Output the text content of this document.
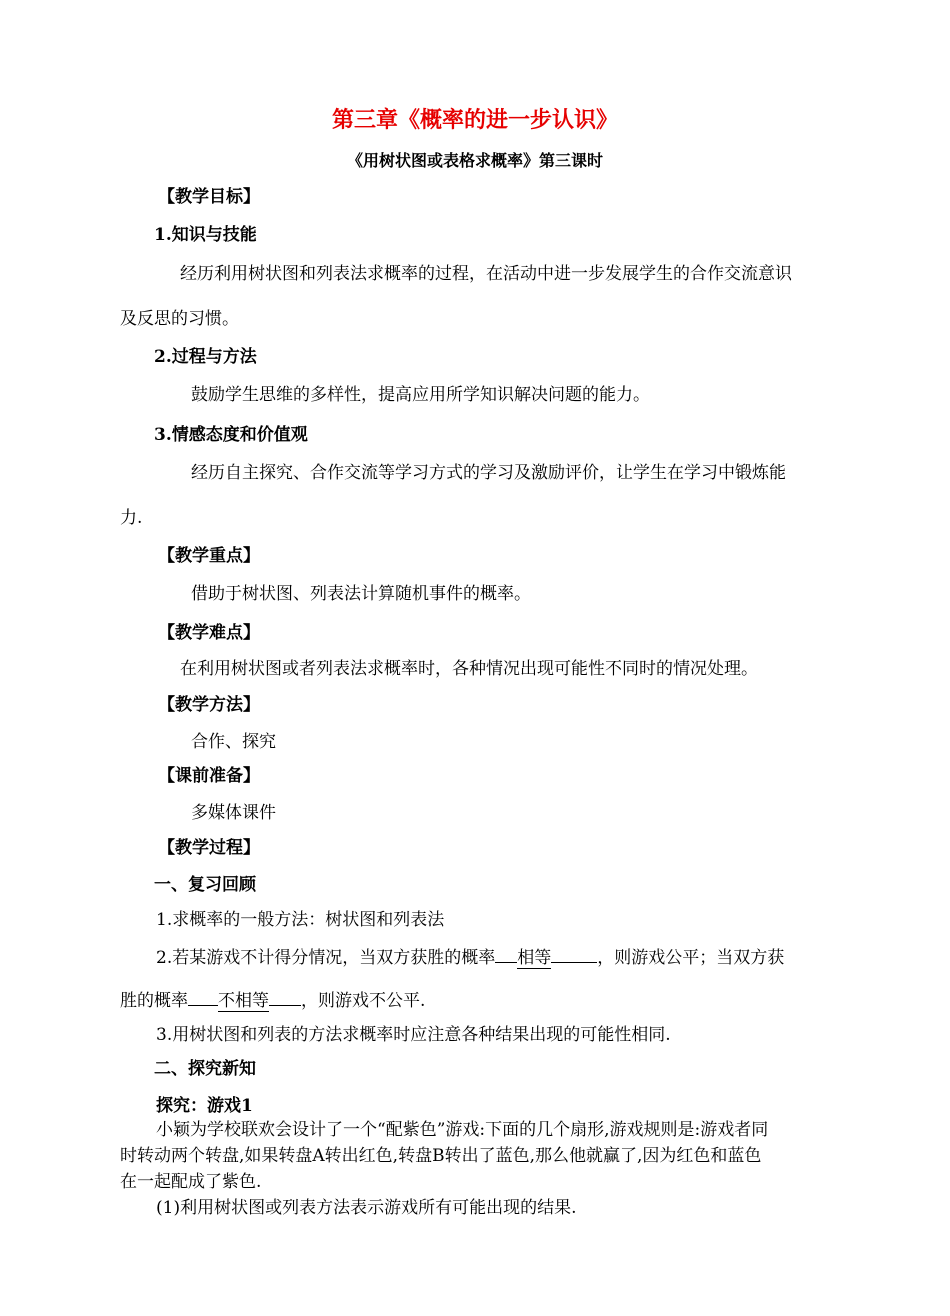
第三章《概率的进一步认识》
《用树状图或表格求概率》第三课时
【教学目标】
1.知识与技能
经历利用树状图和列表法求概率的过程，在活动中进一步发展学生的合作交流意识
及反思的习惯。
2.过程与方法
鼓励学生思维的多样性，提高应用所学知识解决问题的能力。
3.情感态度和价值观
经历自主探究、合作交流等学习方式的学习及激励评价，让学生在学习中锻炼能
力.
【教学重点】
借助于树状图、列表法计算随机事件的概率。
【教学难点】
在利用树状图或者列表法求概率时，各种情况出现可能性不同时的情况处理。
【教学方法】
合作、探究
【课前准备】
多媒体课件
【教学过程】
一、复习回顾
1.求概率的一般方法：树状图和列表法
2.若某游戏不计得分情况，当双方获胜的概率 相等	，则游戏公平；当双方获
胜的概率 不相等 ，则游戏不公平.
3.用树状图和列表的方法求概率时应注意各种结果出现的可能性相同.
二、探究新知
探究：游戏1
小颖为学校联欢会设计了一个“配紫色”游戏:下面的几个扇形,游戏规则是:游戏者同
时转动两个转盘,如果转盘A转出红色,转盘B转出了蓝色,那么他就赢了,因为红色和蓝色
在一起配成了紫色.
(1)利用树状图或列表方法表示游戏所有可能出现的结果.
